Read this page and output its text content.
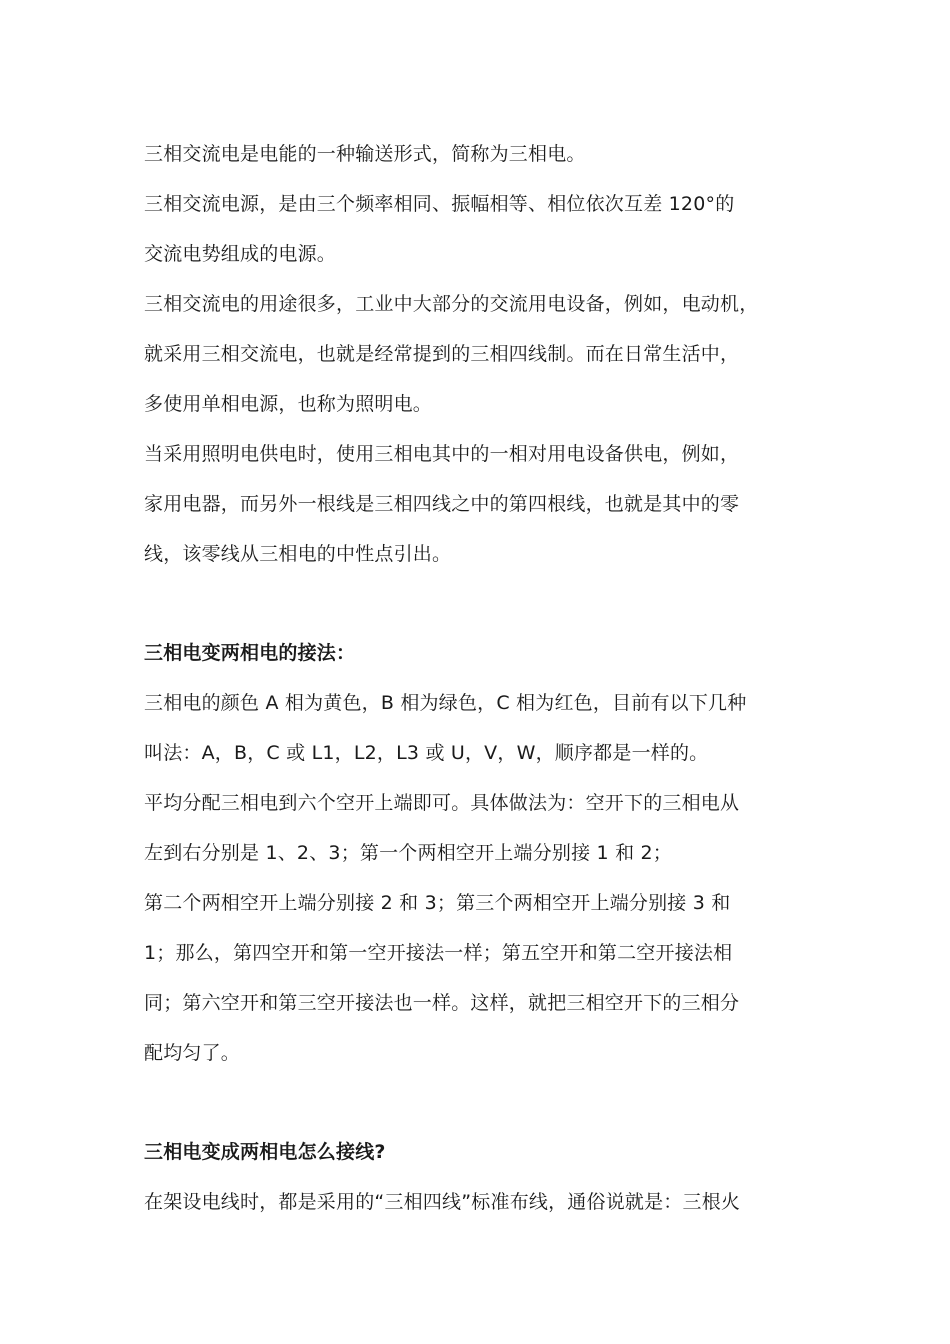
三相交流电是电能的一种输送形式，简称为三相电。
三相交流电源，是由三个频率相同、振幅相等、相位依次互差 120°的
交流电势组成的电源。
三相交流电的用途很多，工业中大部分的交流用电设备，例如，电动机，
就采用三相交流电，也就是经常提到的三相四线制。而在日常生活中，
多使用单相电源，也称为照明电。
当采用照明电供电时，使用三相电其中的一相对用电设备供电，例如，
家用电器，而另外一根线是三相四线之中的第四根线，也就是其中的零
线，该零线从三相电的中性点引出。
三相电变两相电的接法：
三相电的颜色 A 相为黄色，B 相为绿色，C 相为红色，目前有以下几种
叫法：A，B，C 或 L1，L2，L3 或 U，V，W，顺序都是一样的。
平均分配三相电到六个空开上端即可。具体做法为：空开下的三相电从
左到右分别是 1、2、3；第一个两相空开上端分别接 1 和 2；
第二个两相空开上端分别接 2 和 3；第三个两相空开上端分别接 3 和
1；那么，第四空开和第一空开接法一样；第五空开和第二空开接法相
同；第六空开和第三空开接法也一样。这样，就把三相空开下的三相分
配均匀了。
三相电变成两相电怎么接线?
在架设电线时，都是采用的“三相四线”标准布线，通俗说就是：三根火
